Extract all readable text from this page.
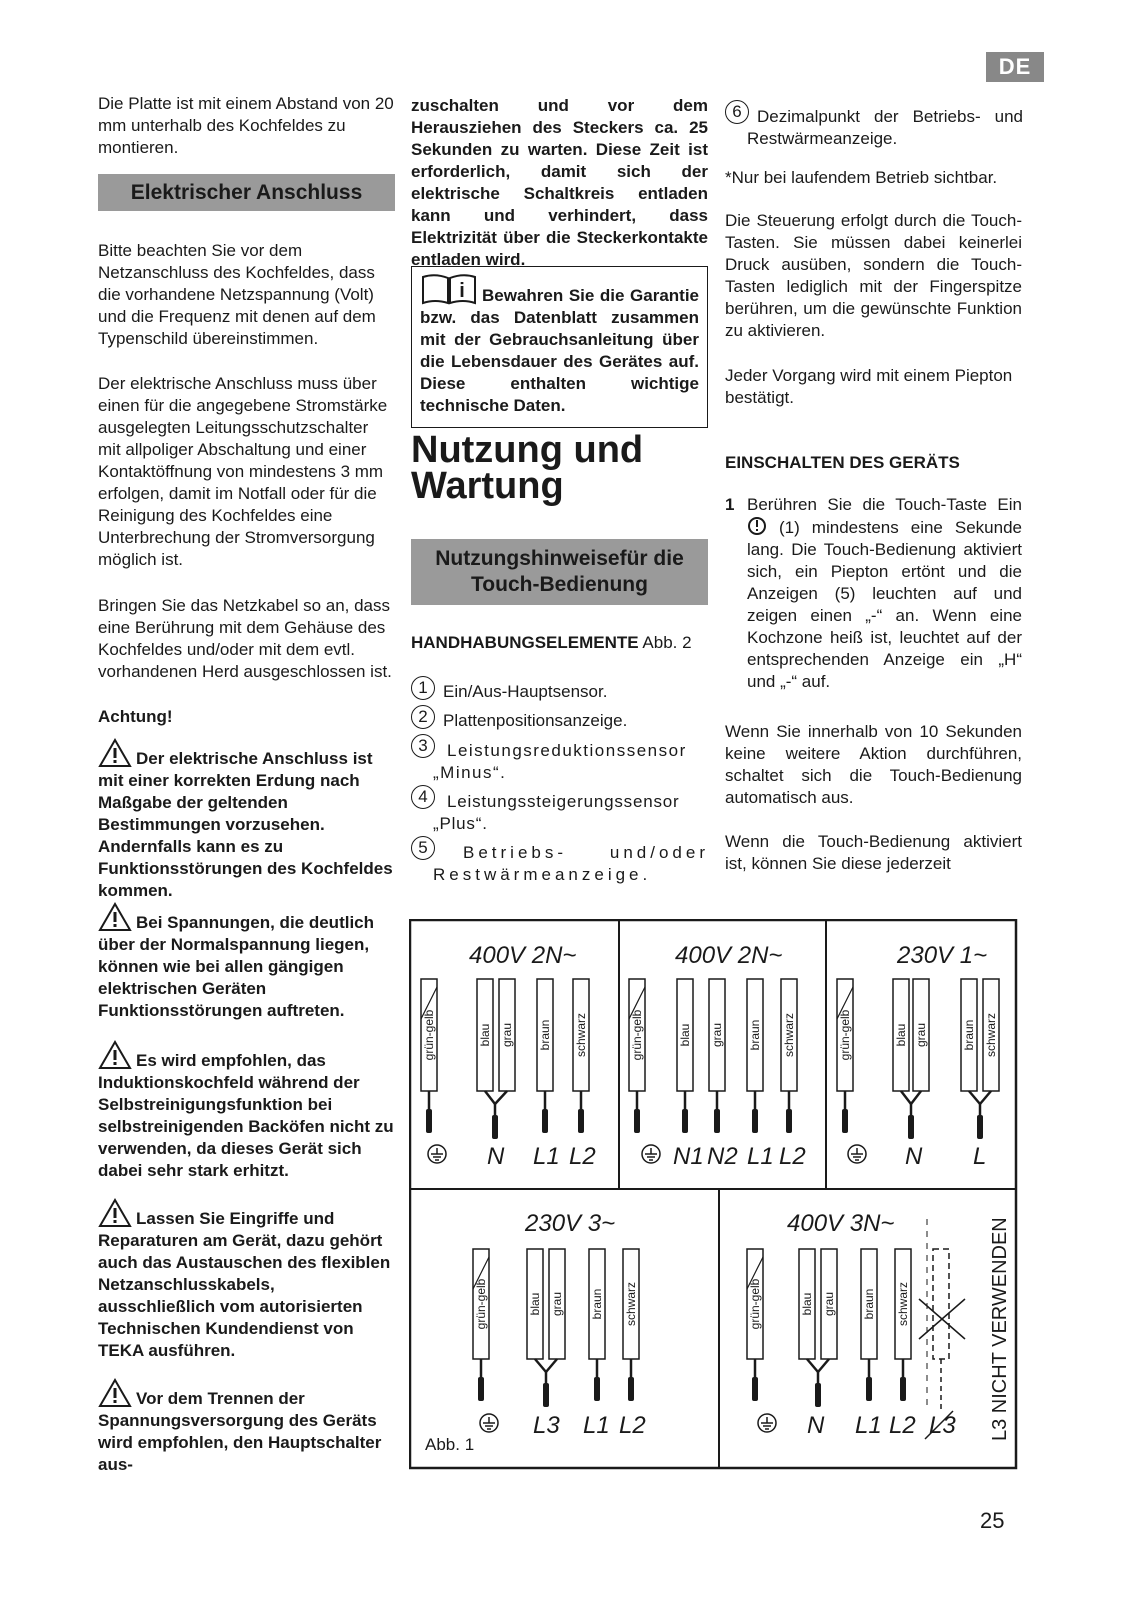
DE
25

Die Platte ist mit einem Abstand von 20 mm unterhalb des Kochfeldes zu montieren.

Elektrischer Anschluss

Bitte beachten Sie vor dem Netzanschluss des Kochfeldes, dass die vorhandene Netzspannung (Volt) und die Frequenz mit denen auf dem Typenschild übereinstimmen.

Der elektrische Anschluss muss über einen für die angegebene Stromstärke ausgelegten Leitungsschutzschalter mit allpoliger Abschaltung und einer Kontaktöffnung von mindestens 3 mm erfolgen, damit im Notfall oder für die Reinigung des Kochfeldes eine Unterbrechung der Stromversorgung möglich ist.

Bringen Sie das Netzkabel so an, dass eine Berührung mit dem Gehäuse des Kochfeldes und/oder mit dem evtl. vorhandenen Herd ausgeschlossen ist.

Achtung!

Der elektrische Anschluss ist mit einer korrekten Erdung nach Maßgabe der geltenden Bestimmungen vorzusehen. Andernfalls kann es zu Funktionsstörungen des Kochfeldes kommen.

Bei Spannungen, die deutlich über der Normalspannung liegen, können wie bei allen gängigen elektrischen Geräten Funktionsstörungen auftreten.

Es wird empfohlen, das Induktionskochfeld während der Selbstreinigungsfunktion bei selbstreinigenden Backöfen nicht zu verwenden, da dieses Gerät sich dabei sehr stark erhitzt.

Lassen Sie Eingriffe und Reparaturen am Gerät, dazu gehört auch das Austauschen des flexiblen Netzanschlusskabels, ausschließlich vom autorisierten Technischen Kundendienst von TEKA ausführen.

Vor dem Trennen der Spannungsversorgung des Geräts wird empfohlen, den Hauptschalter aus-

zuschalten und vor dem Herausziehen des Steckers ca. 25 Sekunden zu warten. Diese Zeit ist erforderlich, damit sich der elektrische Schaltkreis entladen kann und verhindert, dass Elektrizität über die Steckerkontakte entladen wird.

i Bewahren Sie die Garantie bzw. das Datenblatt zusammen mit der Gebrauchsanleitung über die Lebensdauer des Gerätes auf. Diese enthalten wichtige technische Daten.

Nutzung und
Wartung
Nutzungshinweisefür die
Touch-Bedienung

HANDHABUNGSELEMENTE Abb. 2

1 Ein/Aus-Hauptsensor.
2 Plattenpositionsanzeige.
3	Leistungsreduktionssensor „Minus“.
4	Leistungssteigerungssensor „Plus“.
5	Betriebs- und/oder Restwärmeanzeige.
6 Dezimalpunkt der Betriebs- und Restwärmeanzeige.

*Nur bei laufendem Betrieb sichtbar.

Die Steuerung erfolgt durch die Touch-Tasten. Sie müssen dabei keinerlei Druck ausüben, sondern die Touch-Tasten lediglich mit der Fingerspitze berühren, um die gewünschte Funktion zu aktivieren.

Jeder Vorgang wird mit einem Piepton bestätigt.

EINSCHALTEN DES GERÄTS

1 Berühren Sie die Touch-Taste Ein  (1) mindestens eine Sekunde lang. Die Touch-Bedienung aktiviert sich, ein Piepton ertönt und die Anzeigen (5) leuchten auf und zeigen einen „-“ an. Wenn eine Kochzone heiß ist, leuchtet auf der entsprechenden Anzeige ein „H“ und „-“ auf.

Wenn Sie innerhalb von 10 Sekunden keine weitere Aktion durchführen, schaltet sich die Touch-Bedienung automatisch aus.

Wenn die Touch-Bedienung aktiviert ist, können Sie diese jederzeit

400V 2N~
grün-gelb	blau grau braun schwarz
N L1 L2
400V 2N~
grün-gelb	blau grau braun schwarz
N1 N2 L1 L2
230V 1~
grün-gelb	blau grau	braun schwarz
N L
230V 3~
grün-gelb	blau grau braun schwarz
L3 L1 L2
400V 3N~
grün-gelb	blau grau braun schwarz
N L1 L2 L3
Abb. 1
L3 NICHT VERWENDEN
